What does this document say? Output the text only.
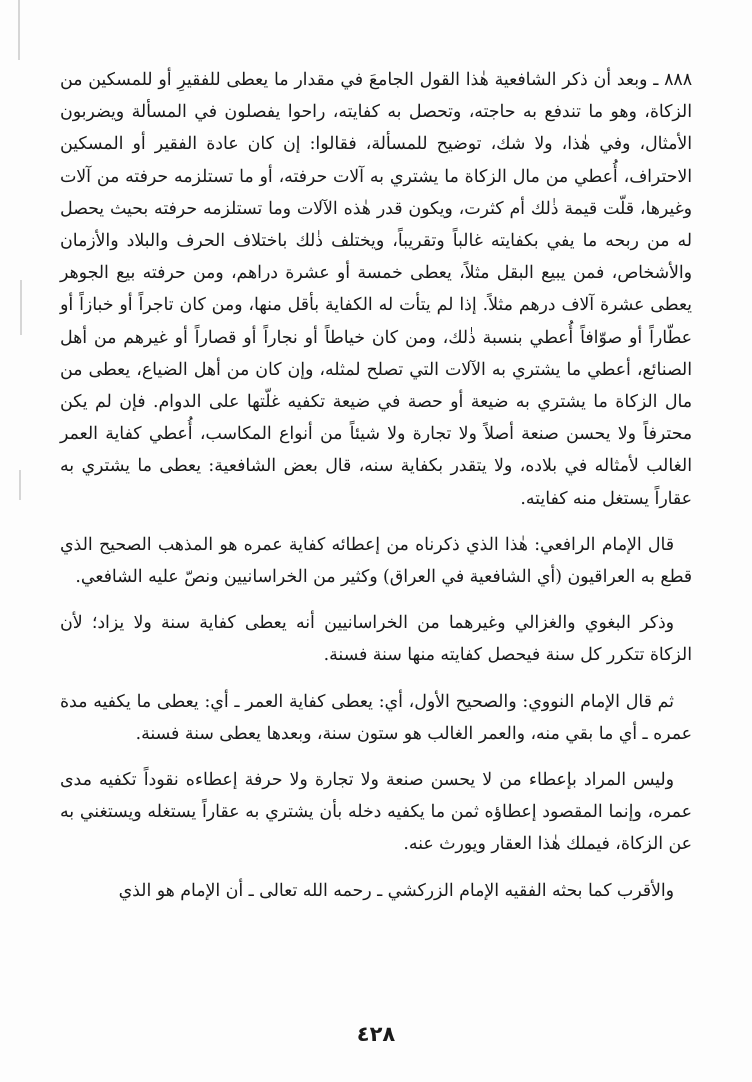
٨٨٨ ـ وبعد أن ذكر الشافعية هٰذا القول الجامعَ في مقدار ما يعطى للفقيرِ أو للمسكين من الزكاة، وهو ما تندفع به حاجته، وتحصل به كفايته، راحوا يفصلون في المسألة ويضربون الأمثال، وفي هٰذا، ولا شك، توضيح للمسألة، فقالوا: إن كان عادة الفقير أو المسكين الاحتراف، أُعطي من مال الزكاة ما يشتري به آلات حرفته، أو ما تستلزمه حرفته من آلات وغيرها، قلّت قيمة ذٰلك أم كثرت، ويكون قدر هٰذه الآلات وما تستلزمه حرفته بحيث يحصل له من ربحه ما يفي بكفايته غالباً وتقريباً، ويختلف ذٰلك باختلاف الحرف والبلاد والأزمان والأشخاص، فمن يبيع البقل مثلاً، يعطى خمسة أو عشرة دراهم، ومن حرفته بيع الجوهر يعطى عشرة آلاف درهم مثلاً. إذا لم يتأت له الكفاية بأقل منها، ومن كان تاجراً أو خبازاً أو عطّاراً أو صوّافاً أُعطي بنسبة ذٰلك، ومن كان خياطاً أو نجاراً أو قصاراً أو غيرهم من أهل الصنائع، أعطي ما يشتري به الآلات التي تصلح لمثله، وإن كان من أهل الضياع، يعطى من مال الزكاة ما يشتري به ضيعة أو حصة في ضيعة تكفيه غلّتها على الدوام. فإن لم يكن محترفاً ولا يحسن صنعة أصلاً ولا تجارة ولا شيئاً من أنواع المكاسب، أُعطي كفاية العمر الغالب لأمثاله في بلاده، ولا يتقدر بكفاية سنه، قال بعض الشافعية: يعطى ما يشتري به عقاراً يستغل منه كفايته.

قال الإمام الرافعي: هٰذا الذي ذكرناه من إعطائه كفاية عمره هو المذهب الصحيح الذي قطع به العراقيون (أي الشافعية في العراق) وكثير من الخراسانيين ونصّ عليه الشافعي.

وذكر البغوي والغزالي وغيرهما من الخراسانيين أنه يعطى كفاية سنة ولا يزاد؛ لأن الزكاة تتكرر كل سنة فيحصل كفايته منها سنة فسنة.

ثم قال الإمام النووي: والصحيح الأول، أي: يعطى كفاية العمر ـ أي: يعطى ما يكفيه مدة عمره ـ أي ما بقي منه، والعمر الغالب هو ستون سنة، وبعدها يعطى سنة فسنة.

وليس المراد بإعطاء من لا يحسن صنعة ولا تجارة ولا حرفة إعطاءه نقوداً تكفيه مدى عمره، وإنما المقصود إعطاؤه ثمن ما يكفيه دخله بأن يشتري به عقاراً يستغله ويستغني به عن الزكاة، فيملك هٰذا العقار ويورث عنه.

والأقرب كما بحثه الفقيه الإمام الزركشي ـ رحمه الله تعالى ـ أن الإمام هو الذي

٤٢٨
